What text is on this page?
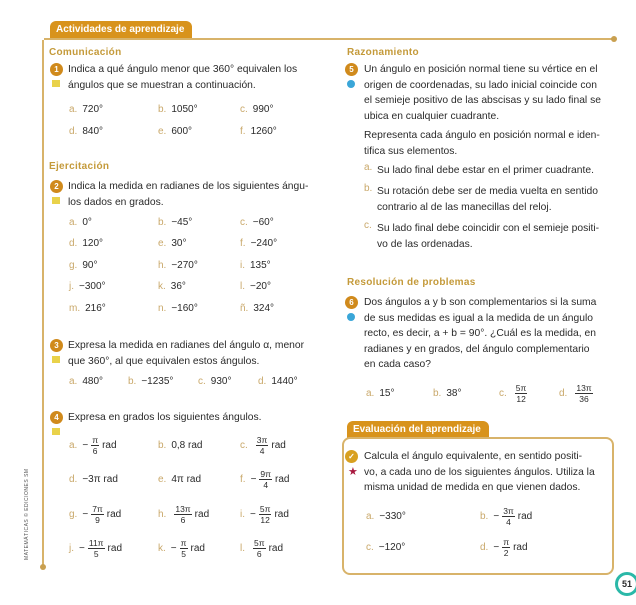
Actividades de aprendizaje
MATEMÁTICAS © EDICIONES SM
Comunicación
Ejercitación
Razonamiento
Resolución de problemas
Evaluación del aprendizaje
51
1 Indica a qué ángulo menor que 360° equivalen los
ángulos que se muestran a continuación.
a. 720°	b. 1050°	c. 990°
d. 840°	e. 600°	f. 1260°
2 Indica la medida en radianes de los siguientes ángu-
los dados en grados.
a. 0°	b. −45°	c. −60°
d. 120°	e. 30°	f. −240°
g. 90°	h. −270°	i. 135°
j. −300°	k. 36°	l. −20°
m. 216°	n. −160°	ñ. 324°
3 Expresa la medida en radianes del ángulo α, menor
que 360°, al que equivalen estos ángulos.
a. 480° b. −1235° c. 930°	d. 1440°
4 Expresa en grados los siguientes ángulos.
a. − $\frac{\pi}{6}$ rad	b. 0,8 rad	c. $\frac{3\pi}{4}$ rad
d. −3π rad	e. 4π rad	f. − $\frac{9\pi}{4}$ rad
g. − $\frac{7\pi}{9}$ rad	h. $\frac{13\pi}{6}$ rad	i. − $\frac{5\pi}{12}$ rad
j. − $\frac{11\pi}{5}$ rad	k. − $\frac{\pi}{5}$ rad	l. $\frac{5\pi}{6}$ rad
5 Un ángulo en posición normal tiene su vértice en el
origen de coordenadas, su lado inicial coincide con
el semieje positivo de las abscisas y su lado final se
ubica en cualquier cuadrante.
Representa cada ángulo en posición normal e iden-
tifica sus elementos.
a. Su lado final debe estar en el primer cuadrante.
b. Su rotación debe ser de media vuelta en sentido
contrario al de las manecillas del reloj.
c. Su lado final debe coincidir con el semieje positi-
vo de las ordenadas.
6 Dos ángulos a y b son complementarios si la suma
de sus medidas es igual a la medida de un ángulo
recto, es decir, a + b = 90°. ¿Cuál es la medida, en
radianes y en grados, del ángulo complementario
en cada caso?
a. 15°	b. 38°	c. $\frac{5\pi}{12}$	d. $\frac{13\pi}{36}$
✓
★
Calcula el ángulo equivalente, en sentido positi-
vo, a cada uno de los siguientes ángulos. Utiliza la
misma unidad de medida en que vienen dados.
a. −330°	b. − $\frac{3\pi}{4}$ rad
c. −120°	d. − $\frac{\pi}{2}$ rad
